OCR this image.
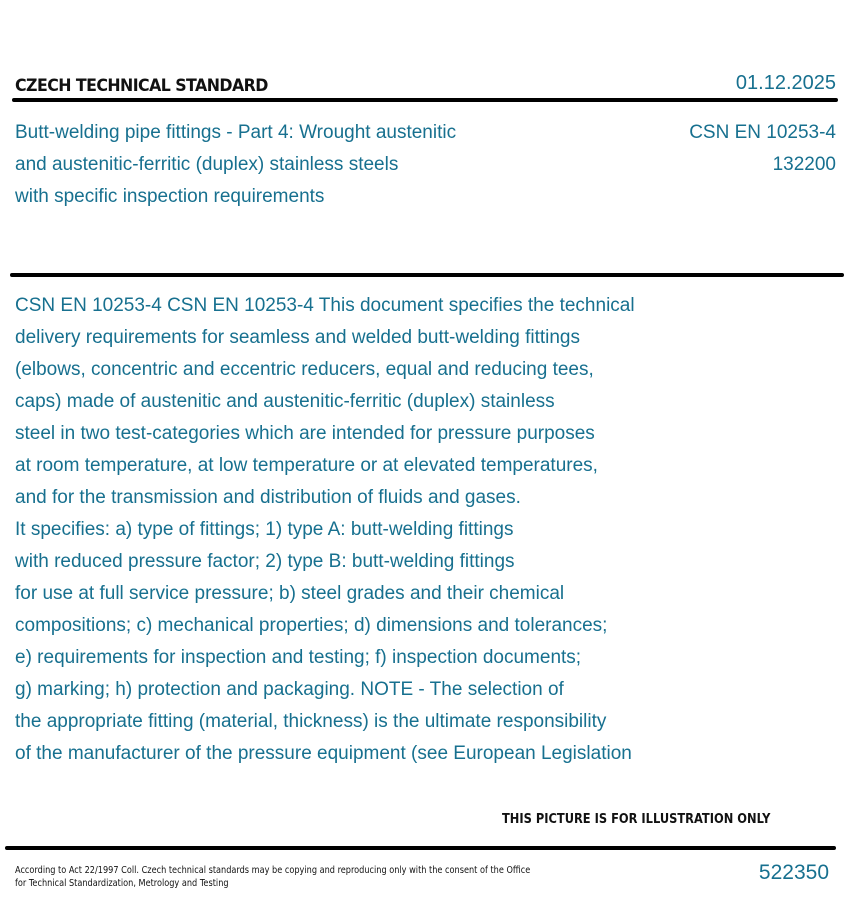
CZECH TECHNICAL STANDARD	01.12.2025
Butt-welding pipe fittings - Part 4: Wrought austenitic
and austenitic-ferritic (duplex) stainless steels
with specific inspection requirements
CSN EN 10253-4
132200
CSN EN 10253-4 CSN EN 10253-4 This document specifies the technical
delivery requirements for seamless and welded butt-welding fittings
(elbows, concentric and eccentric reducers, equal and reducing tees,
caps) made of austenitic and austenitic-ferritic (duplex) stainless
steel in two test-categories which are intended for pressure purposes
at room temperature, at low temperature or at elevated temperatures,
and for the transmission and distribution of fluids and gases.
It specifies: a) type of fittings; 1) type A: butt-welding fittings
with reduced pressure factor; 2) type B: butt-welding fittings
for use at full service pressure; b) steel grades and their chemical
compositions; c) mechanical properties; d) dimensions and tolerances;
e) requirements for inspection and testing; f) inspection documents;
g) marking; h) protection and packaging. NOTE - The selection of
the appropriate fitting (material, thickness) is the ultimate responsibility
of the manufacturer of the pressure equipment (see European Legislation
THIS PICTURE IS FOR ILLUSTRATION ONLY
According to Act 22/1997 Coll. Czech technical standards may be copying and reproducing only with the consent of the Office
for Technical Standardization, Metrology and Testing	522350
